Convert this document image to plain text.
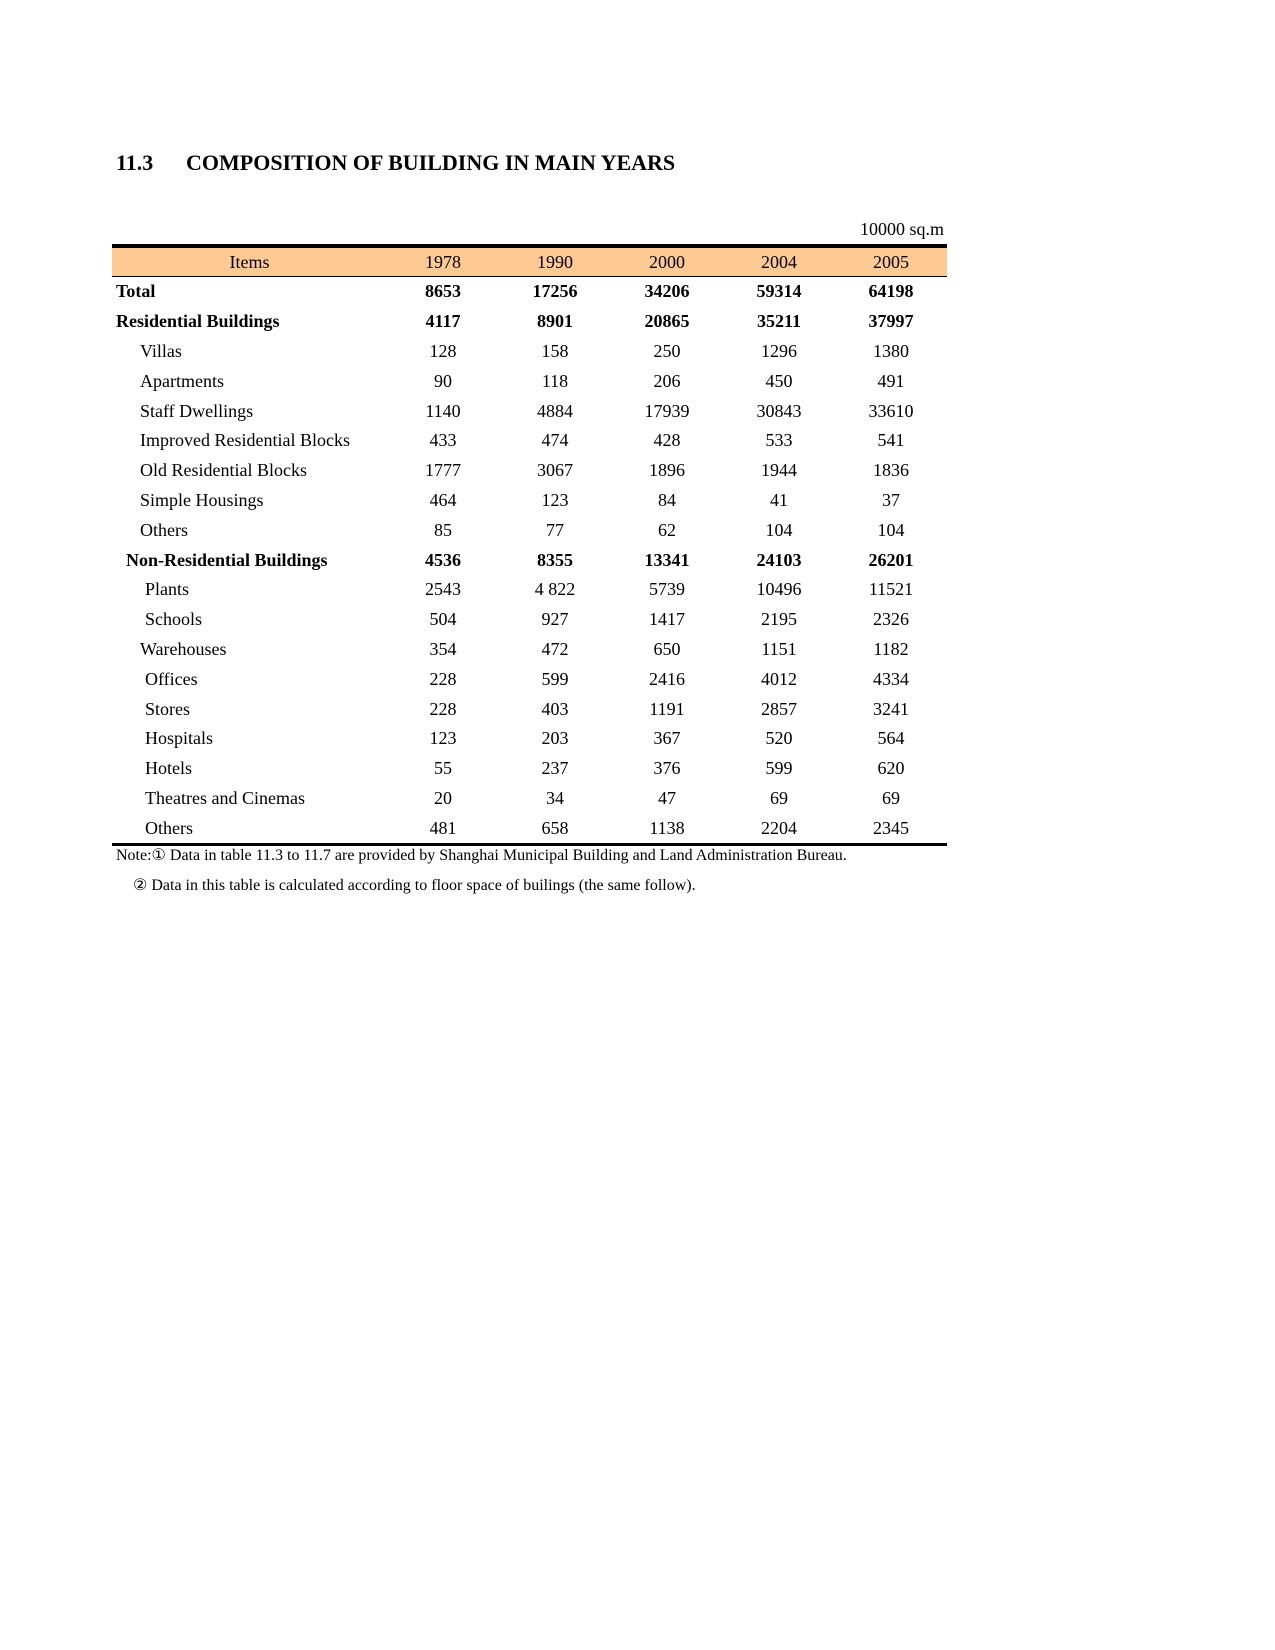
11.3 COMPOSITION OF BUILDING IN MAIN YEARS
10000 sq.m
Items	1978	1990	2000	2004	2005
Total	8653	17256	34206	59314	64198
Residential Buildings	4117	8901	20865	35211	37997
Villas	128	158	250	1296	1380
Apartments	90	118	206	450	491
Staff Dwellings	1140	4884	17939	30843	33610
Improved Residential Blocks	433	474	428	533	541
Old Residential Blocks	1777	3067	1896	1944	1836
Simple Housings	464	123	84	41	37
Others	85	77	62	104	104
Non-Residential Buildings	4536	8355	13341	24103	26201
Plants	2543	4 822	5739	10496	11521
Schools	504	927	1417	2195	2326
Warehouses	354	472	650	1151	1182
Offices	228	599	2416	4012	4334
Stores	228	403	1191	2857	3241
Hospitals	123	203	367	520	564
Hotels	55	237	376	599	620
Theatres and Cinemas	20	34	47	69	69
Others	481	658	1138	2204	2345
Note:① Data in table 11.3 to 11.7 are provided by Shanghai Municipal Building and Land Administration Bureau.
② Data in this table is calculated according to floor space of builings (the same follow).
